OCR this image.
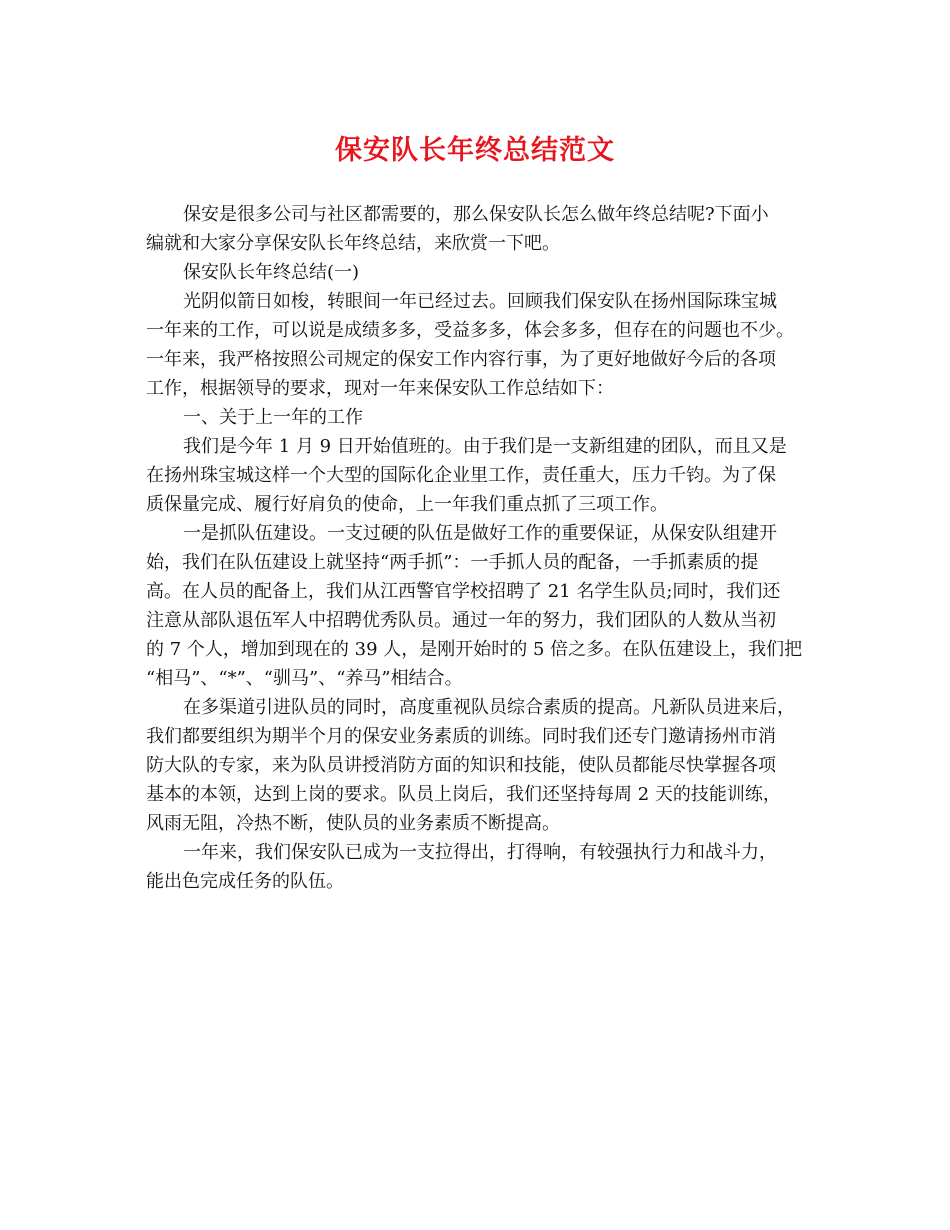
保安队长年终总结范文
保安是很多公司与社区都需要的，那么保安队长怎么做年终总结呢?下面小
编就和大家分享保安队长年终总结，来欣赏一下吧。
保安队长年终总结(一)
光阴似箭日如梭，转眼间一年已经过去。回顾我们保安队在扬州国际珠宝城
一年来的工作，可以说是成绩多多，受益多多，体会多多，但存在的问题也不少。
一年来，我严格按照公司规定的保安工作内容行事，为了更好地做好今后的各项
工作，根据领导的要求，现对一年来保安队工作总结如下：
一、关于上一年的工作
我们是今年 1 月 9 日开始值班的。由于我们是一支新组建的团队，而且又是
在扬州珠宝城这样一个大型的国际化企业里工作，责任重大，压力千钧。为了保
质保量完成、履行好肩负的使命，上一年我们重点抓了三项工作。
一是抓队伍建设。一支过硬的队伍是做好工作的重要保证，从保安队组建开
始，我们在队伍建设上就坚持“两手抓”：一手抓人员的配备，一手抓素质的提
高。在人员的配备上，我们从江西警官学校招聘了 21 名学生队员;同时，我们还
注意从部队退伍军人中招聘优秀队员。通过一年的努力，我们团队的人数从当初
的 7 个人，增加到现在的 39 人，是刚开始时的 5 倍之多。在队伍建设上，我们把
“相马”、“*”、“驯马”、“养马”相结合。
在多渠道引进队员的同时，高度重视队员综合素质的提高。凡新队员进来后，
我们都要组织为期半个月的保安业务素质的训练。同时我们还专门邀请扬州市消
防大队的专家，来为队员讲授消防方面的知识和技能，使队员都能尽快掌握各项
基本的本领，达到上岗的要求。队员上岗后，我们还坚持每周 2 天的技能训练，
风雨无阻，冷热不断，使队员的业务素质不断提高。
一年来，我们保安队已成为一支拉得出，打得响，有较强执行力和战斗力，
能出色完成任务的队伍。
